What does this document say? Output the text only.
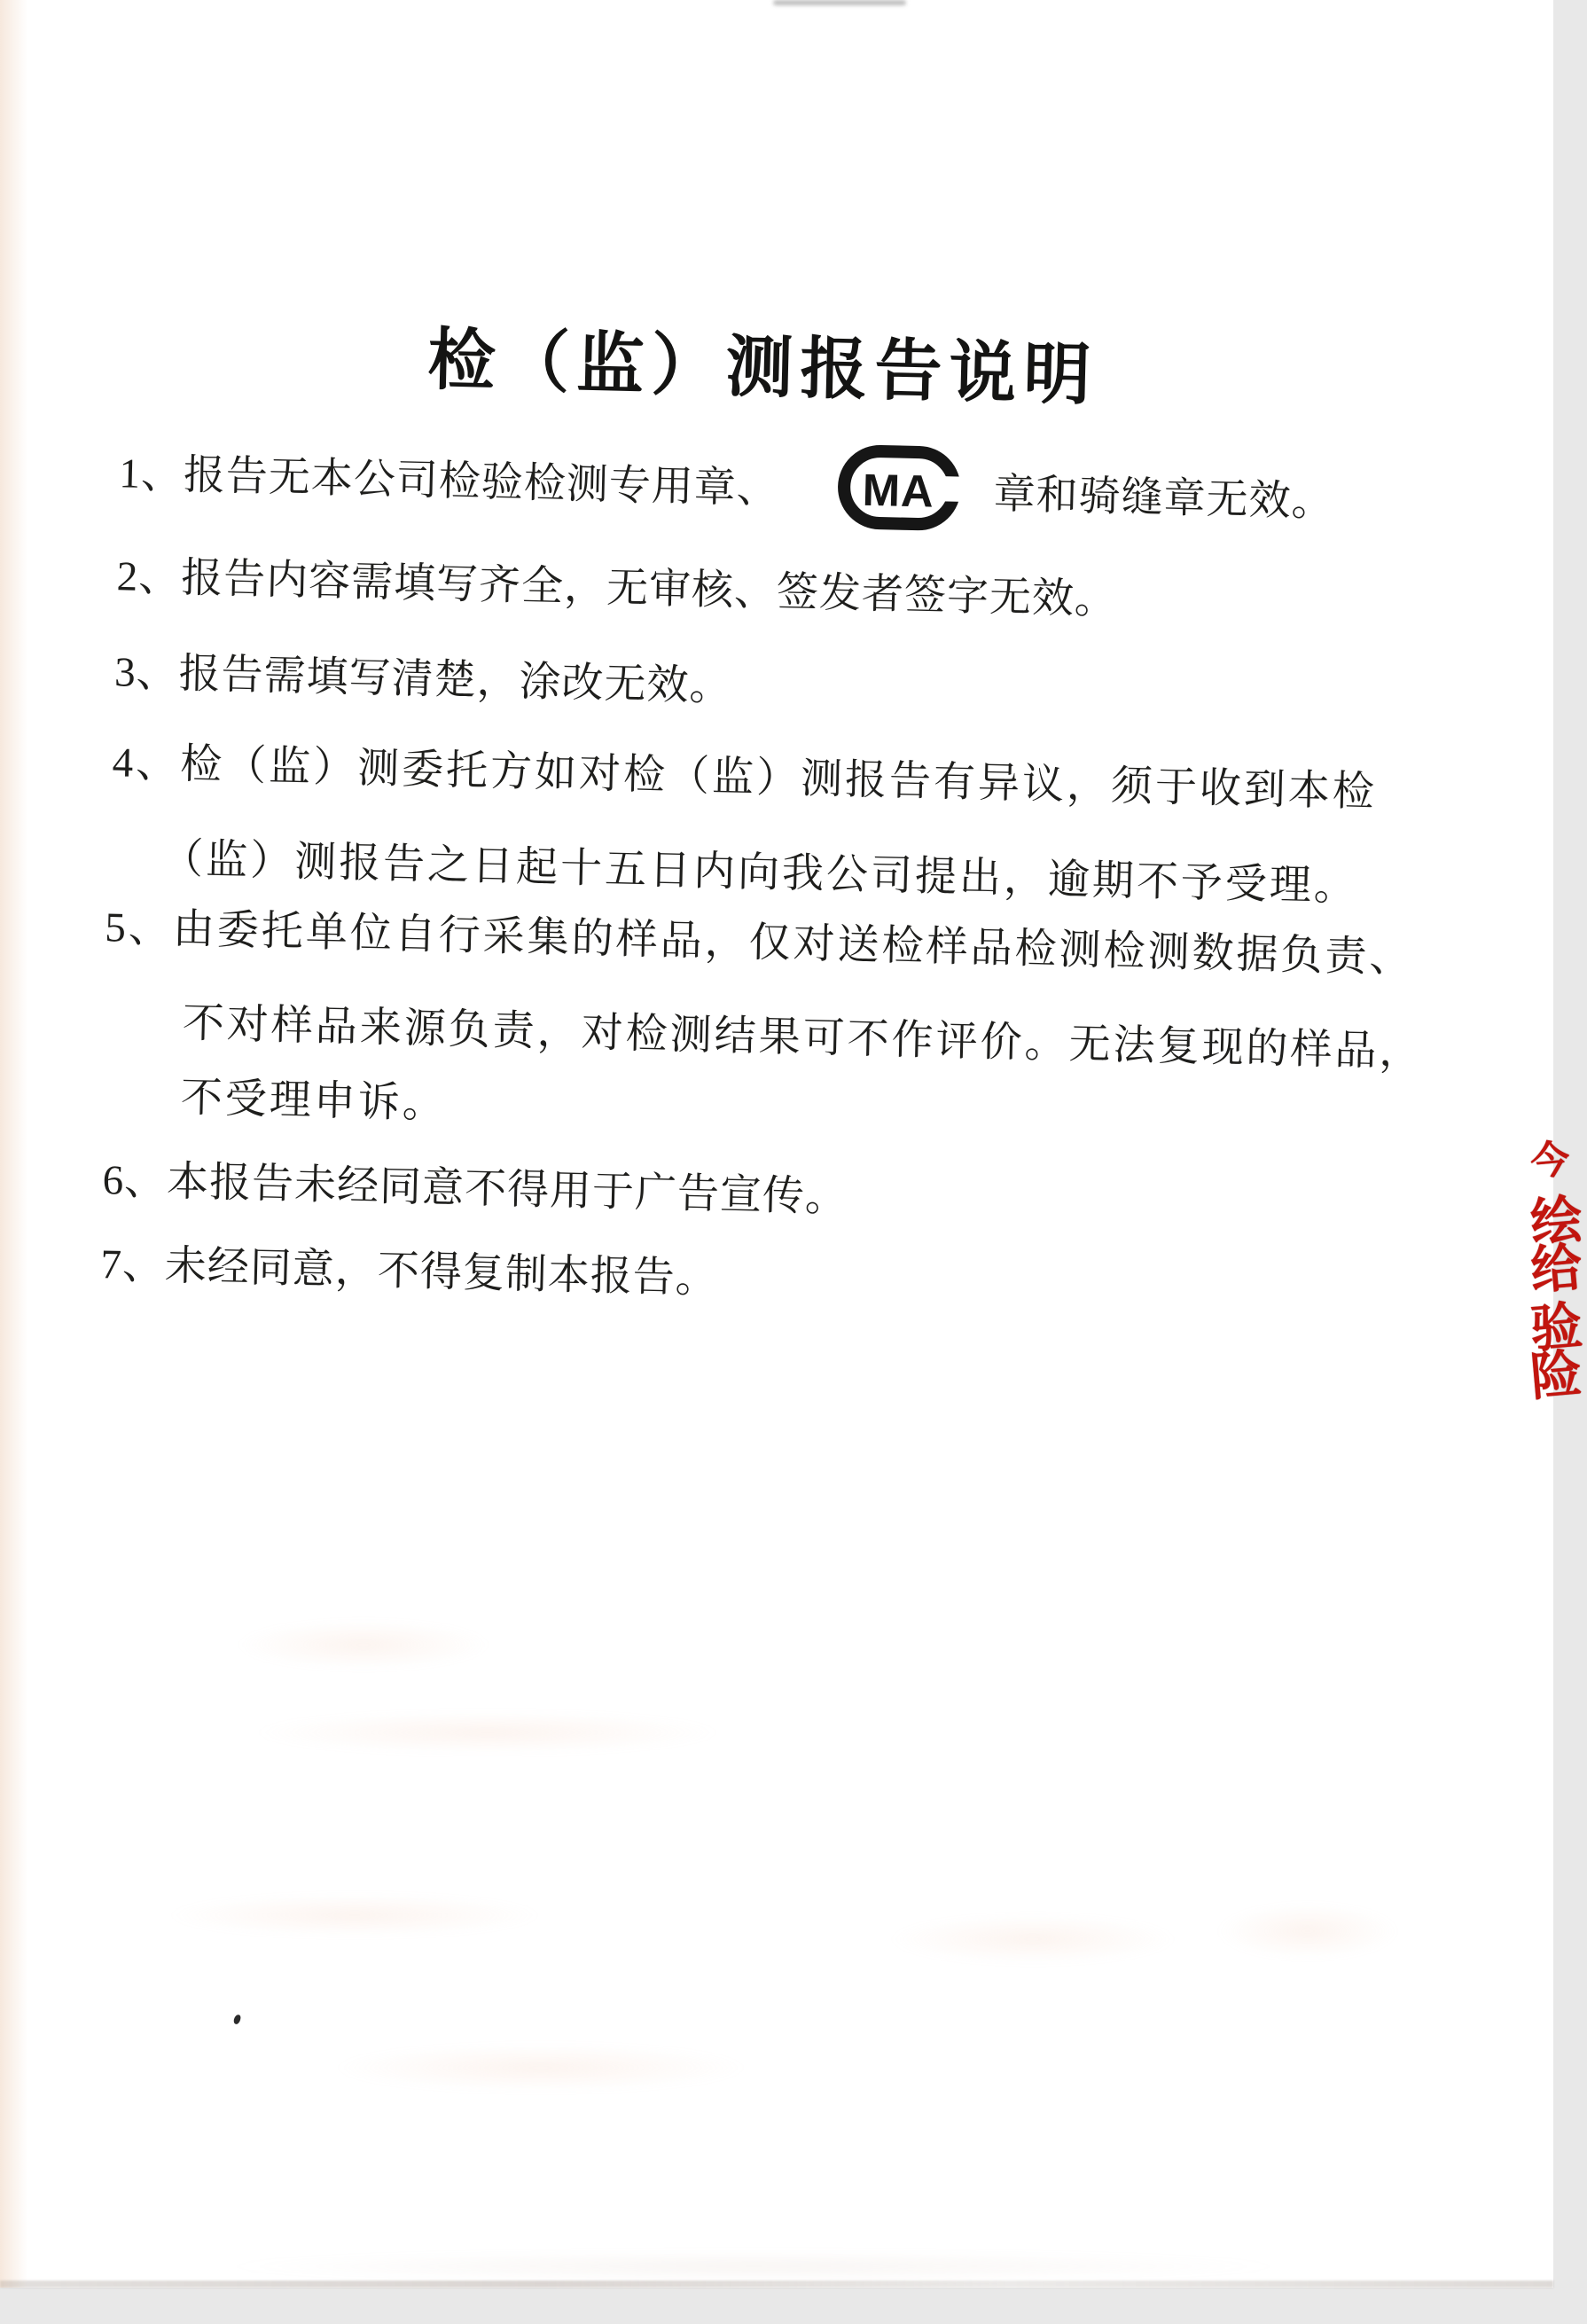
检（监）测报告说明
1、
报告无本公司检验检测专用章、 MA 章和骑缝章无效。
2、报告内容需填写齐全，无审核、签发者签字无效。
3、报告需填写清楚，涂改无效。
4、检（监）测委托方如对检（监）测报告有异议，须于收到本检
（监）测报告之日起十五日内向我公司提出，逾期不予受理。
5、由委托单位自行采集的样品，仅对送检样品检测检测数据负责、
不对样品来源负责，对检测结果可不作评价。无法复现的样品，
不受理申诉。
6、本报告未经同意不得用于广告宣传。
7、未经同意，不得复制本报告。
今
绘
给
验
险
